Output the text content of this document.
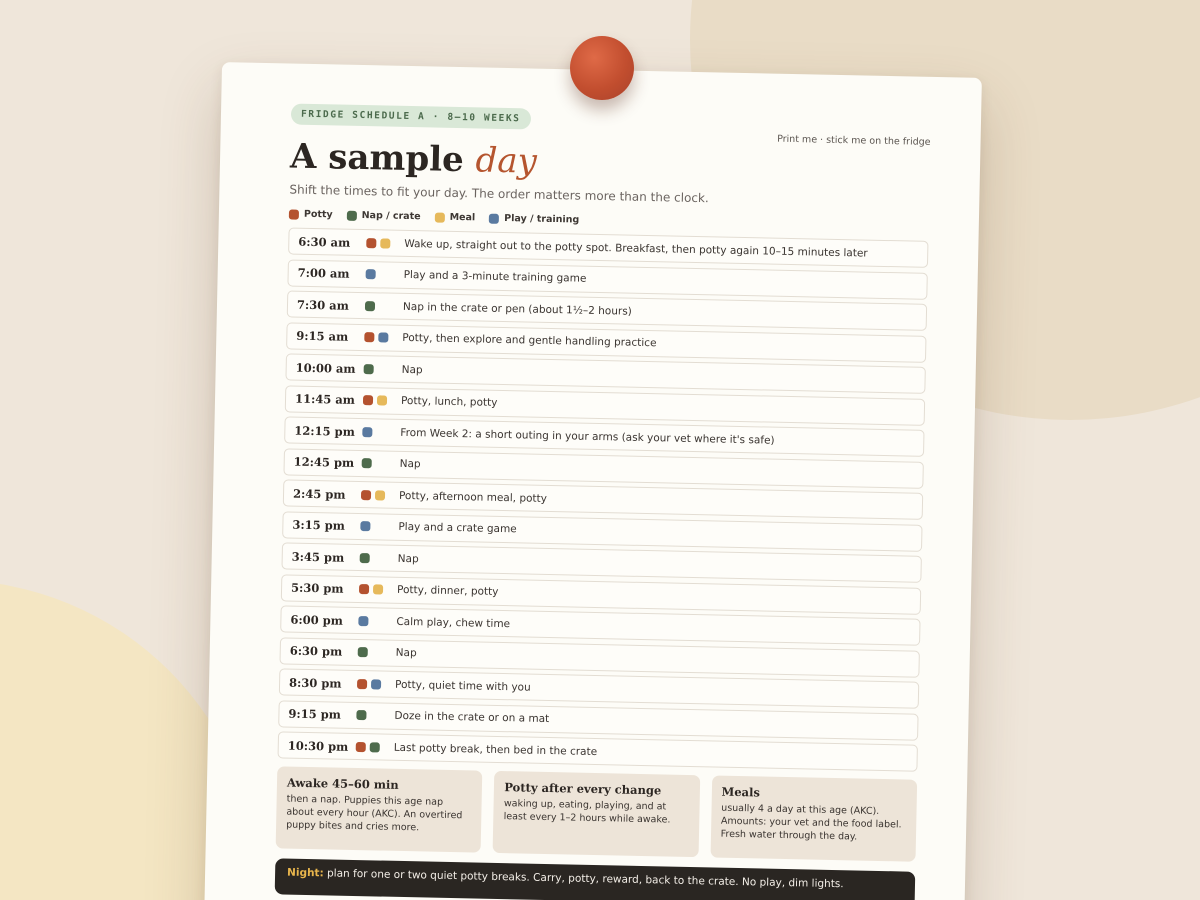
FRIDGE SCHEDULE A · 8–10 WEEKS
Print me · stick me on the fridge
A sample day
Shift the times to fit your day. The order matters more than the clock.
Potty	Nap / crate	Meal	Play / training
6:30 am	Wake up, straight out to the potty spot. Breakfast, then potty again 10–15 minutes later
7:00 am	Play and a 3-minute training game
7:30 am	Nap in the crate or pen (about 1½–2 hours)
9:15 am	Potty, then explore and gentle handling practice
10:00 am	Nap
11:45 am	Potty, lunch, potty
12:15 pm	From Week 2: a short outing in your arms (ask your vet where it's safe)
12:45 pm	Nap
2:45 pm	Potty, afternoon meal, potty
3:15 pm	Play and a crate game
3:45 pm	Nap
5:30 pm	Potty, dinner, potty
6:00 pm	Calm play, chew time
6:30 pm	Nap
8:30 pm	Potty, quiet time with you
9:15 pm	Doze in the crate or on a mat
10:30 pm	Last potty break, then bed in the crate
Awake 45–60 min
then a nap. Puppies this age nap about every hour (AKC). An overtired puppy bites and cries more.
Potty after every change
waking up, eating, playing, and at least every 1–2 hours while awake.
Meals
usually 4 a day at this age (AKC). Amounts: your vet and the food label. Fresh water through the day.
Night: plan for one or two quiet potty breaks. Carry, potty, reward, back to the crate. No play, dim lights.
